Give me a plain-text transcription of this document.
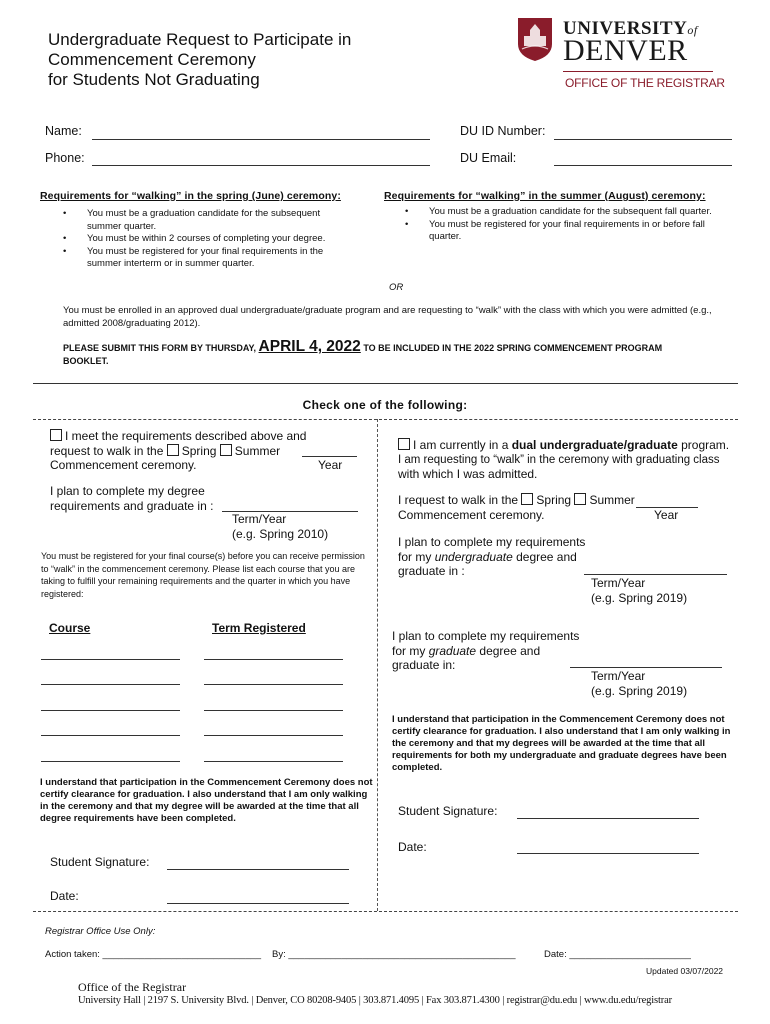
Undergraduate Request to Participate in
Commencement Ceremony
for Students Not Graduating
UNIVERSITYof
DENVER
OFFICE OF THE REGISTRAR
Name:
Phone:
DU ID Number:
DU Email:
Requirements for “walking” in the spring (June) ceremony:
• You must be a graduation candidate for the subsequent summer quarter.
• You must be within 2 courses of completing your degree.
• You must be registered for your final requirements in the summer interterm or in summer quarter.
Requirements for “walking” in the summer (August) ceremony:
• You must be a graduation candidate for the subsequent fall quarter.
• You must be registered for your final requirements in or before fall quarter.
OR
You must be enrolled in an approved dual undergraduate/graduate program and are requesting to “walk” with the class with which you were admitted (e.g., admitted 2008/graduating 2012).
PLEASE SUBMIT THIS FORM BY THURSDAY, APRIL 4, 2022 TO BE INCLUDED IN THE 2022 SPRING COMMENCEMENT PROGRAM
BOOKLET.
Check one of the following:
I meet the requirements described above and
request to walk in the Spring Summer
Commencement ceremony.	Year
I plan to complete my degree
requirements and graduate in :
Term/Year
(e.g. Spring 2010)
You must be registered for your final course(s) before you can receive permission to “walk” in the commencement ceremony. Please list each course that you are taking to fulfill your remaining requirements and the quarter in which you have registered:
Course	Term Registered
I understand that participation in the Commencement Ceremony does not certify clearance for graduation. I also understand that I am only walking in the ceremony and that my degree will be awarded at the time that all degree requirements have been completed.
Student Signature:
Date:
I am currently in a dual undergraduate/graduate program.
I am requesting to “walk” in the ceremony with graduating class
with which I was admitted.
I request to walk in the Spring Summer
Commencement ceremony.	Year
I plan to complete my requirements
for my undergraduate degree and
graduate in :
Term/Year
(e.g. Spring 2019)
I plan to complete my requirements
for my graduate degree and
graduate in:
Term/Year
(e.g. Spring 2019)
I understand that participation in the Commencement Ceremony does not certify clearance for graduation. I also understand that I am only walking in the ceremony and that my degrees will be awarded at the time that all requirements for both my undergraduate and graduate degrees have been completed.
Student Signature:
Date:
Registrar Office Use Only:
Action taken: ______________________________ By: ___________________________________________	Date: _______________________
Updated 03/07/2022
Office of the Registrar
University Hall | 2197 S. University Blvd. | Denver, CO 80208-9405 | 303.871.4095 | Fax 303.871.4300 | registrar@du.edu | www.du.edu/registrar
